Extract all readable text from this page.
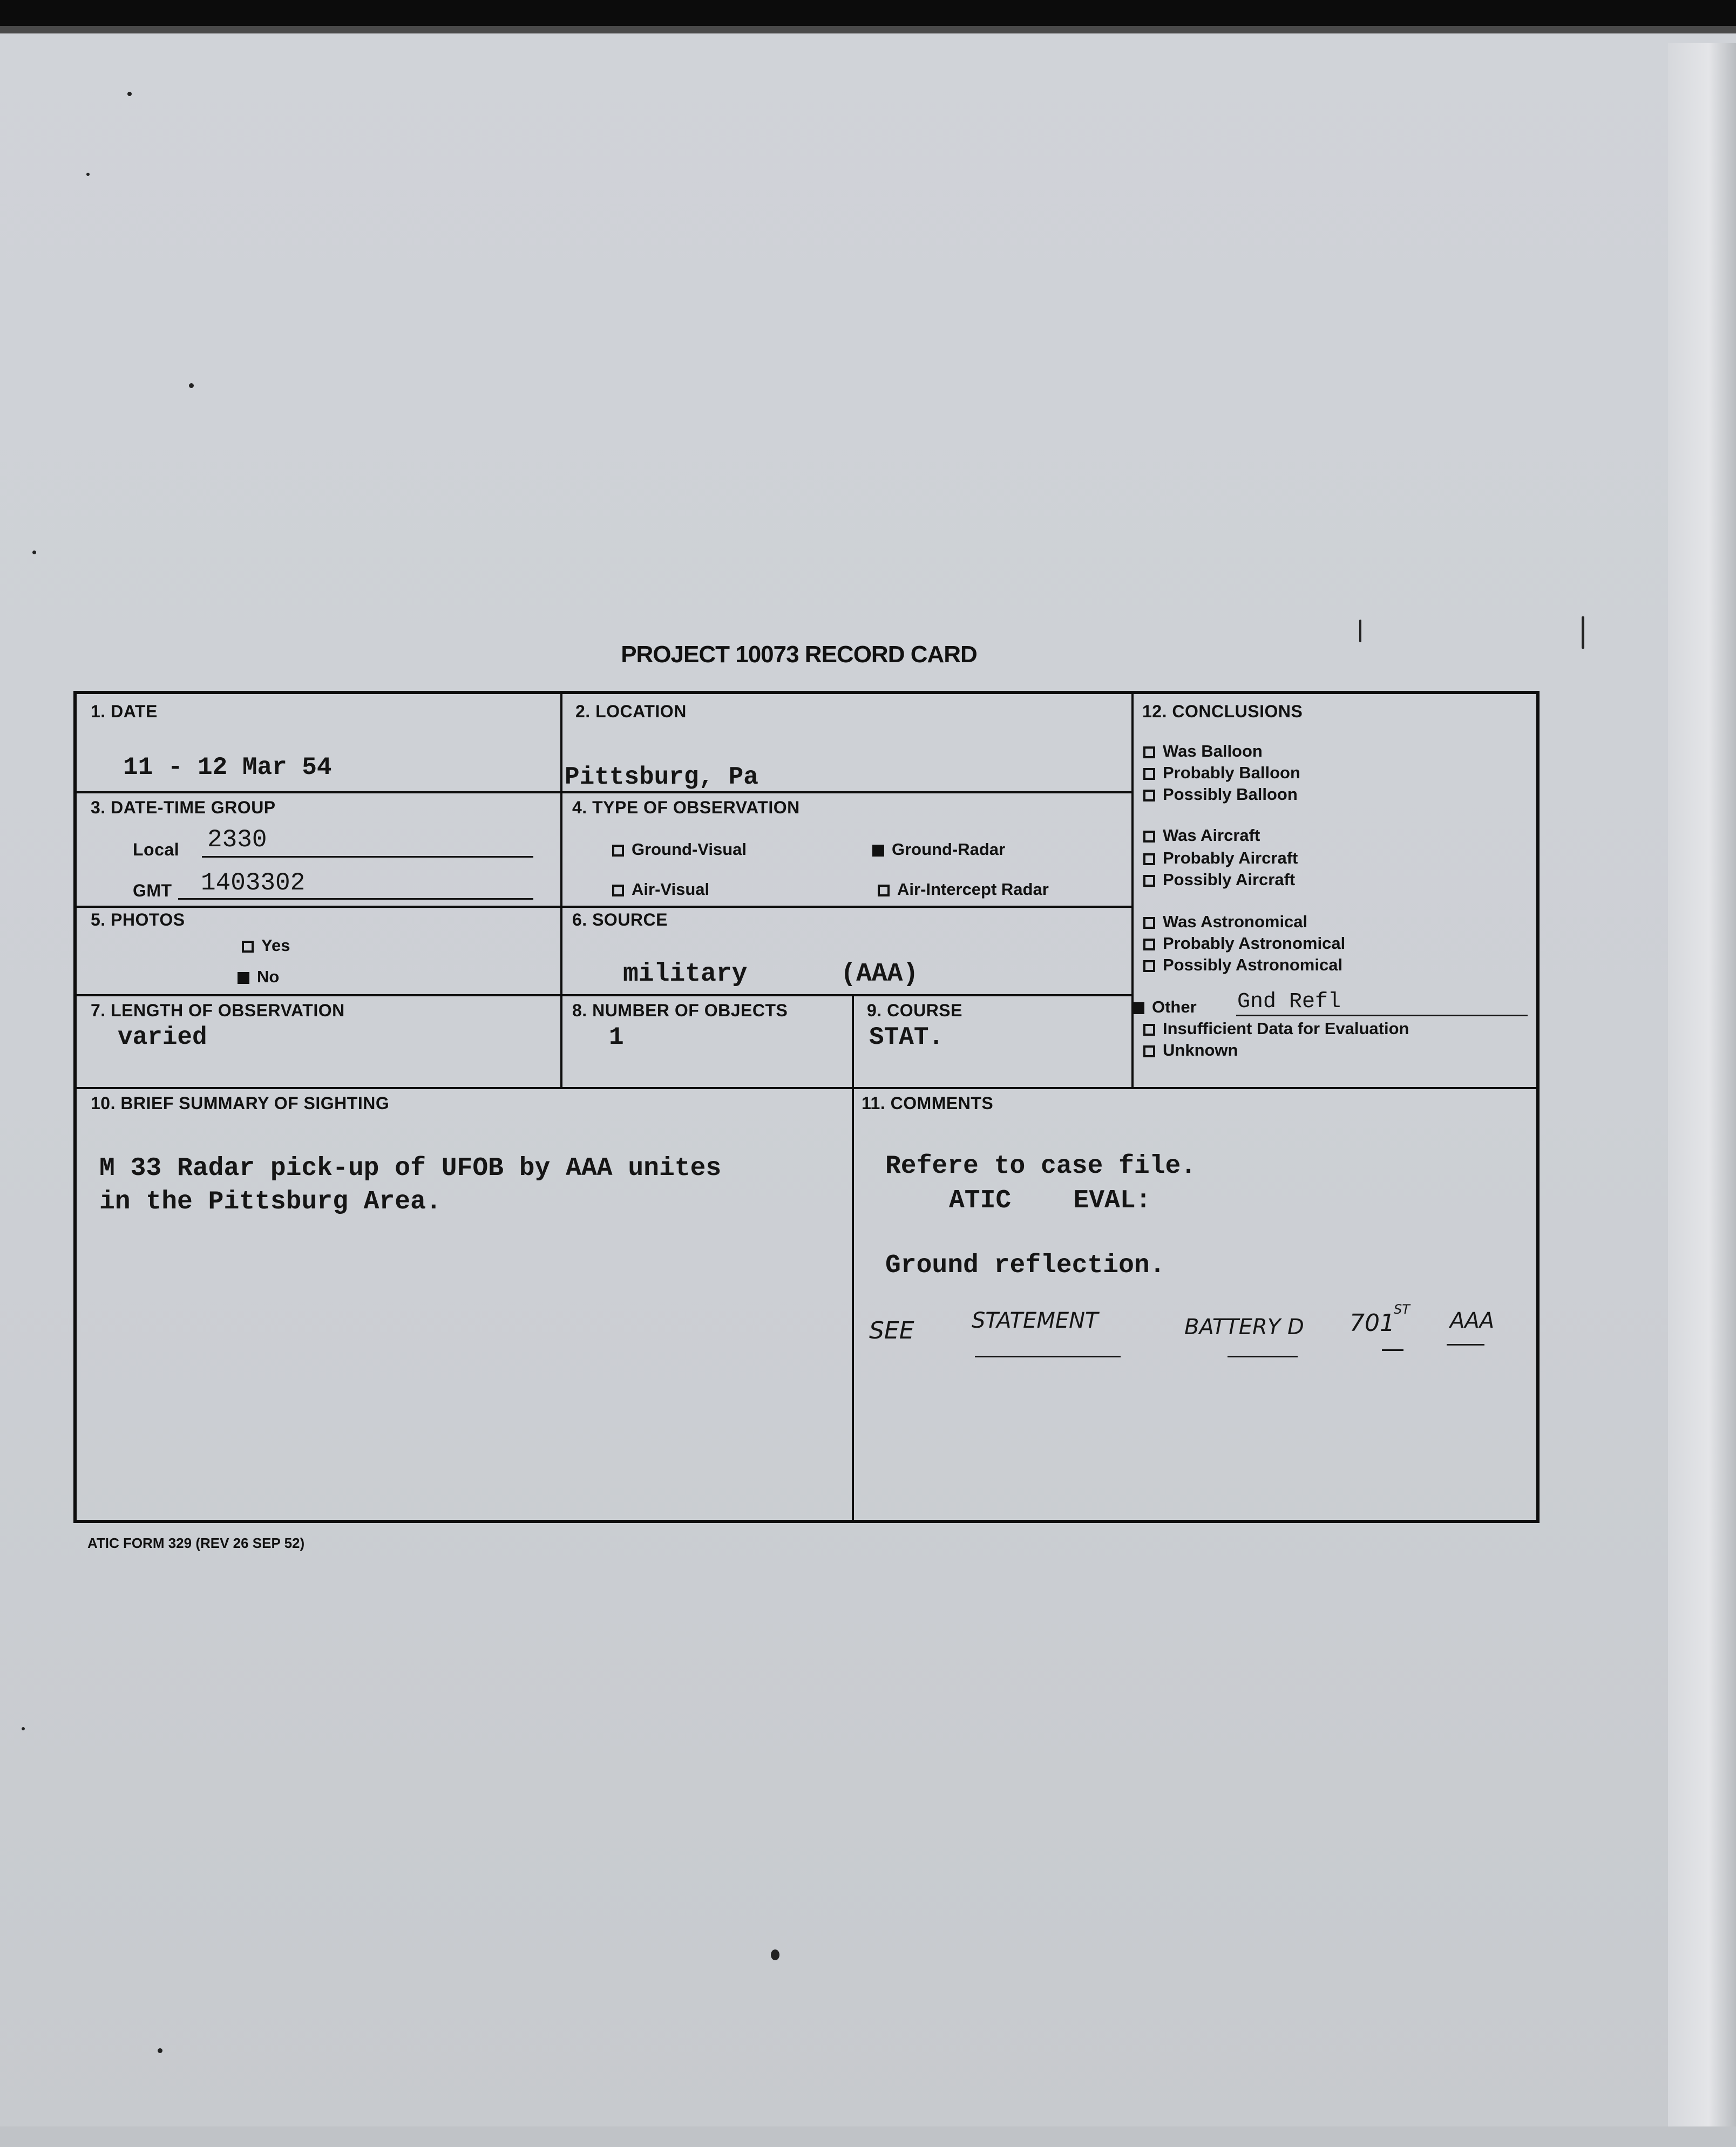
PROJECT 10073 RECORD CARD
1. DATE
11 - 12 Mar 54
2. LOCATION
Pittsburg, Pa
3. DATE-TIME GROUP
Local 2330
GMT 1403302
4. TYPE OF OBSERVATION
Ground-Visual	Ground-Radar
Air-Visual	Air-Intercept Radar
5. PHOTOS
Yes
No
6. SOURCE
military      (AAA)
7. LENGTH OF OBSERVATION
varied
8. NUMBER OF OBJECTS
1
9. COURSE
STAT.
10. BRIEF SUMMARY OF SIGHTING
M 33 Radar pick-up of UFOB by AAA unites
in the Pittsburg Area.
11. COMMENTS
Refere to case file.
ATIC    EVAL:
Ground reflection.
SEE	STATEMENT	BATTERY D 701
ST AAA
12. CONCLUSIONS
Was Balloon
Probably Balloon
Possibly Balloon
Was Aircraft
Probably Aircraft
Possibly Aircraft
Was Astronomical
Probably Astronomical
Possibly Astronomical
Other Gnd Refl
Insufficient Data for Evaluation
Unknown
ATIC FORM 329 (REV 26 SEP 52)
